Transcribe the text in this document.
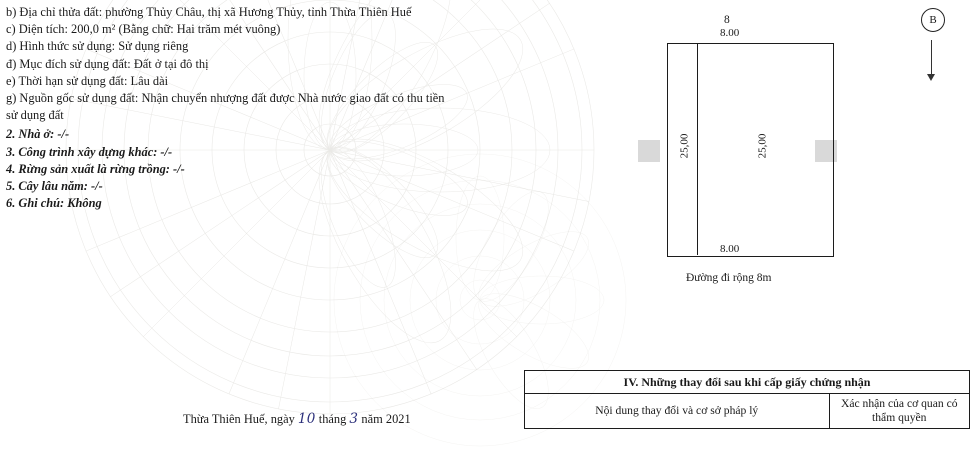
b) Địa chỉ thửa đất: phường Thủy Châu, thị xã Hương Thủy, tỉnh Thừa Thiên Huế
c) Diện tích: 200,0 m² (Bằng chữ: Hai trăm mét vuông)
d) Hình thức sử dụng: Sử dụng riêng
đ) Mục đích sử dụng đất: Đất ở tại đô thị
e) Thời hạn sử dụng đất: Lâu dài
g) Nguồn gốc sử dụng đất: Nhận chuyển nhượng đất được Nhà nước giao đất có thu tiền sử dụng đất
2. Nhà ở: -/-
3. Công trình xây dựng khác: -/-
4. Rừng sản xuất là rừng trồng: -/-
5. Cây lâu năm: -/-
6. Ghi chú: Không
Thừa Thiên Huế, ngày 10 tháng 3 năm 2021
8	B
8.00
8.00
25,00	25,00
Đường đi rộng 8m
IV. Những thay đổi sau khi cấp giấy chứng nhận
Nội dung thay đổi và cơ sở pháp lý	Xác nhận của cơ quan có thẩm quyền
